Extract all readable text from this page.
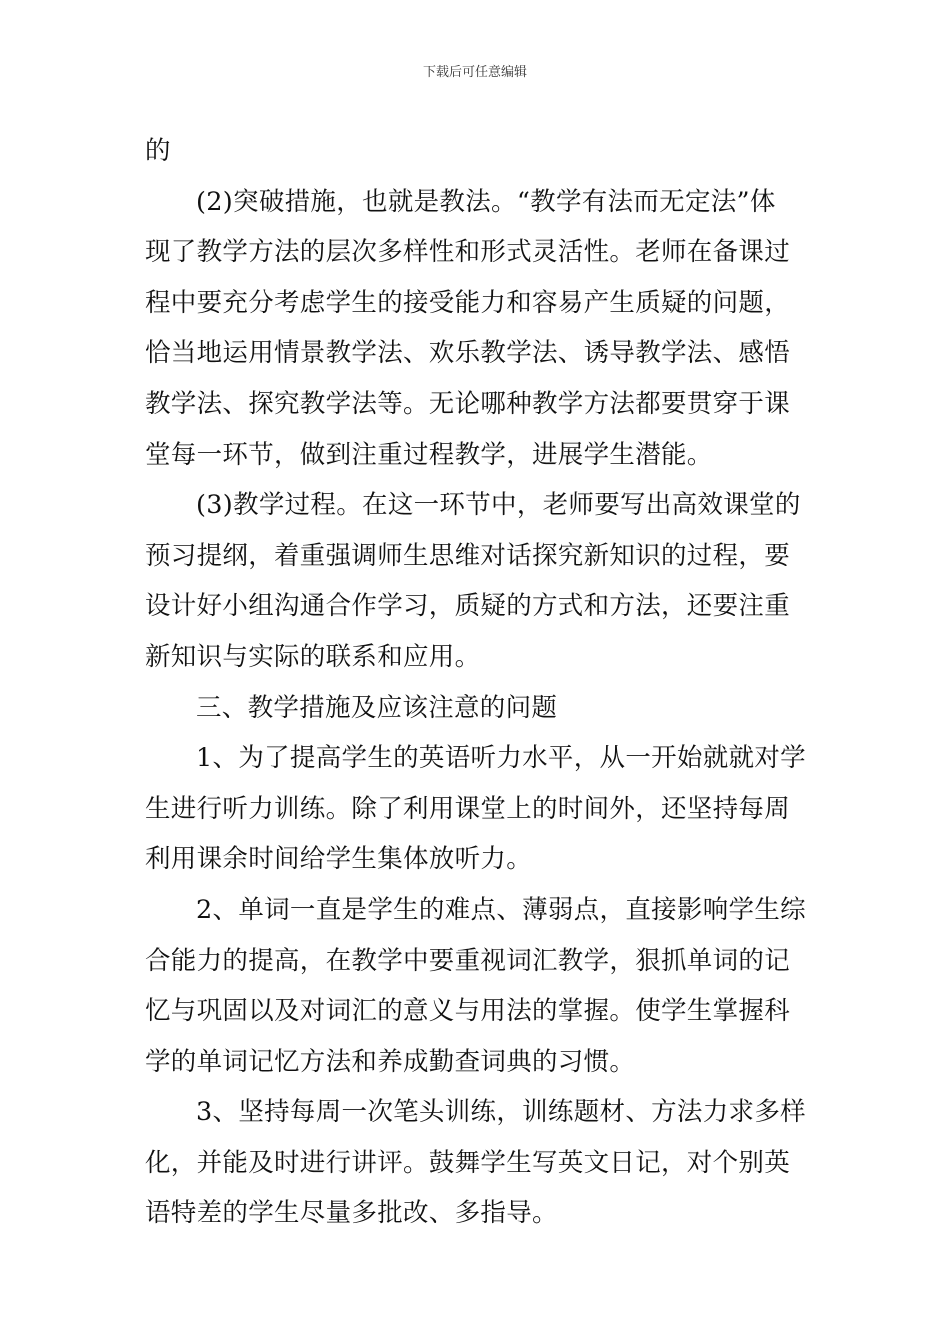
下载后可任意编辑
的
(2)突破措施，也就是教法。“教学有法而无定法”体
现了教学方法的层次多样性和形式灵活性。老师在备课过
程中要充分考虑学生的接受能力和容易产生质疑的问题，
恰当地运用情景教学法、欢乐教学法、诱导教学法、感悟
教学法、探究教学法等。无论哪种教学方法都要贯穿于课
堂每一环节，做到注重过程教学，进展学生潜能。
(3)教学过程。在这一环节中，老师要写出高效课堂的
预习提纲，着重强调师生思维对话探究新知识的过程，要
设计好小组沟通合作学习，质疑的方式和方法，还要注重
新知识与实际的联系和应用。
三、教学措施及应该注意的问题
1、为了提高学生的英语听力水平，从一开始就就对学
生进行听力训练。除了利用课堂上的时间外，还坚持每周
利用课余时间给学生集体放听力。
2、单词一直是学生的难点、薄弱点，直接影响学生综
合能力的提高，在教学中要重视词汇教学，狠抓单词的记
忆与巩固以及对词汇的意义与用法的掌握。使学生掌握科
学的单词记忆方法和养成勤查词典的习惯。
3、坚持每周一次笔头训练，训练题材、方法力求多样
化，并能及时进行讲评。鼓舞学生写英文日记，对个别英
语特差的学生尽量多批改、多指导。
